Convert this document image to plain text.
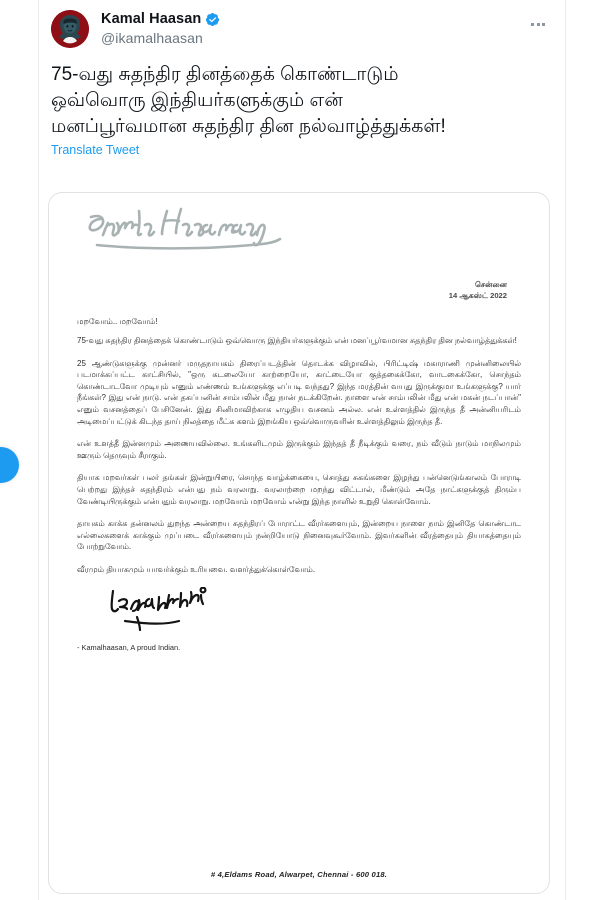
Kamal Haasan
@ikamalhaasan
75-வது சுதந்திர தினத்தைக் கொண்டாடும் ஒவ்வொரு இந்தியர்களுக்கும் என் மனப்பூர்வமான சுதந்திர தின நல்வாழ்த்துக்கள்!
Translate Tweet
சென்னை
14 ஆகஸ்ட் 2022
மறவோம்.. மறவோம்!

75-வது சுதந்திர தினத்தைக் கொண்டாடும் ஒவ்வொரு இந்தியர்களுக்கும் என் மனப்பூர்வமான சுதந்திர தின நல்வாழ்த்துக்கள்!

25 ஆண்டுகளுக்கு முன்னர் மருதநாயகம் திரைப்படத்தின் தொடக்க விழாவில், பிரிட்டிஷ் மகாராணி முன்னிலையில் படமாக்கப்பட்ட காட்சியில், "ஒரு கடலையோ காற்றையோ, காட்டையோ குத்தகைக்கோ, வாடகைக்கோ, சொந்தம் கொண்டாடவோ முடியும் எனும் எண்ணம் உங்களுக்கு எப்படி வந்தது? இந்த மரத்தின் வயது இருக்குமா உங்களுக்கு? யார் நீங்கள்? இது என் நாடு. என் தகப்பனின் சாம்பலின் மீது நான் நடக்கிறேன். நாளை என் சாம்பலின் மீது என் மகன் நடப்பான்" எனும் வசனத்தைப் பேசினேன். இது சினிமாவிற்காக எழுதிய வசனம் அல்ல. என் உள்ளத்தில் இருந்த தீ அன்னியரிடம் அடிமைப்பட்டுக் கிடந்த தாய் நிலத்தை மீட்க களம் இறங்கிய ஒவ்வொருவரின் உள்ளத்திலும் இருந்த தீ.

என் உளத்தீ இன்னமும் அணையவில்லை. உங்களிடமும் இருக்கும் இந்தத் தீ நீடிக்கும் வரை, நம் வீடும் நாடும் மாநிலமும் ஊரும் தெருவும் சீராகும்.

தியாக மறவர்கள் பலர் தங்கள் இன்றுயிரை, சொந்த வாழ்க்கையை, சொத்து சுகங்களை இழந்து பன்னெடுங்காலம் போராடி பெற்றது இந்தச் சுதந்திரம் என்பது நம் வரலாறு. வரலாற்றை மறந்து விட்டால், மீண்டும் அதே நாட்களுக்குத் திரும்ப வேண்டியிருக்கும் என்பதும் வரலாறு. மறவோம் மறவோம் என்று இந்த நாளில் உறுதி கொள்வோம்.

தாயகம் காக்க தன்னலம் துறந்த அன்றைய சுதந்திரப் போராட்ட வீரர்களையும், இன்றைய நாளை நாம் இனிதே கொண்டாட எல்லைகளைக் காக்கும் முப்படை வீரர்களையும் நன்றியோடு நினைவுகூர்வோம். இவர்களின் வீரத்தையும் தியாகத்தையும் போற்றுவோம்.

வீரமும் தியாகமும் யாவர்க்கும் உரியவை. வளர்த்துக்கொள்வோம்.

- Kamalhaasan, A proud Indian.
# 4,Eldams Road, Alwarpet, Chennai - 600 018.
